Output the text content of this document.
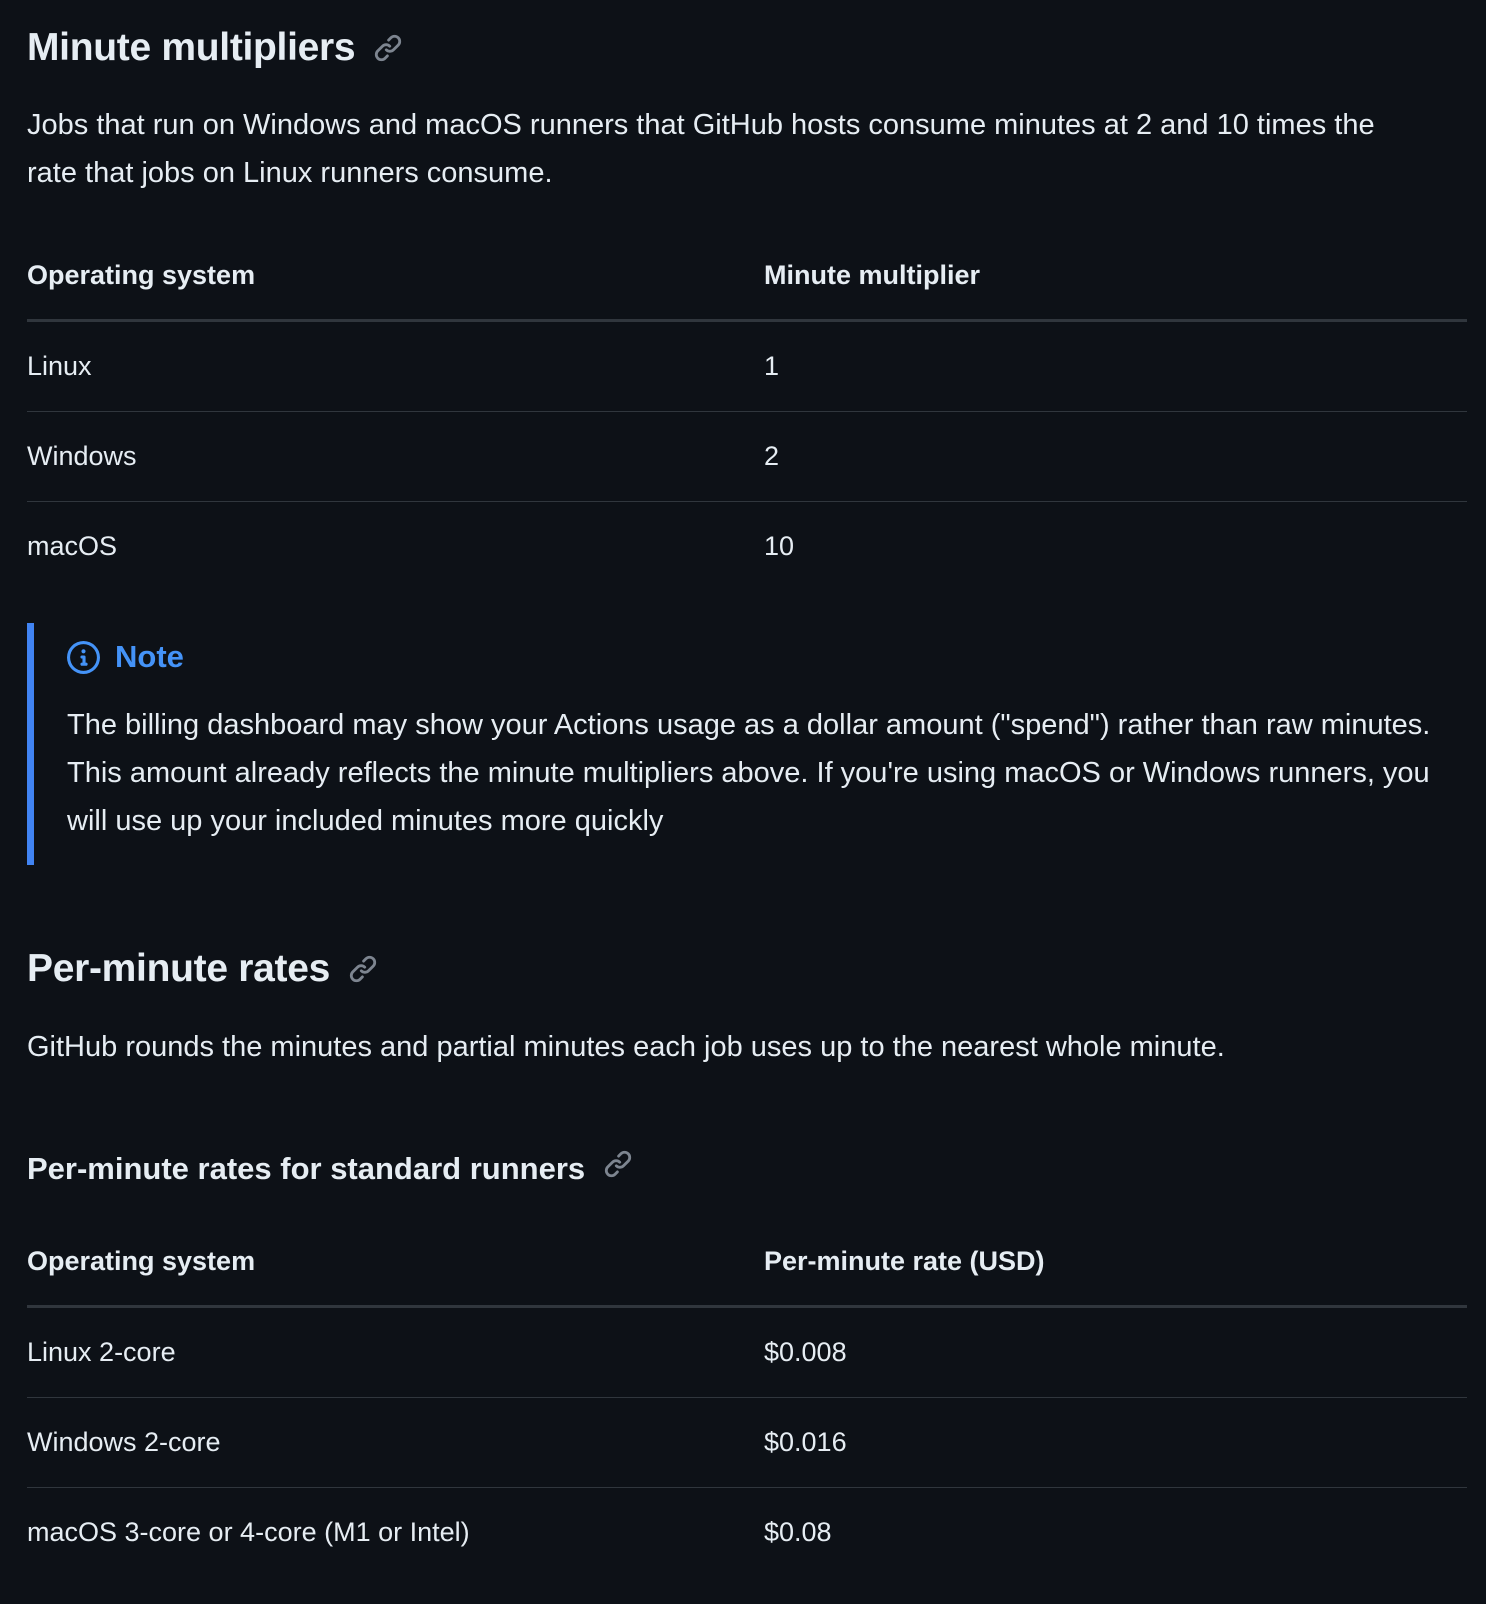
Minute multipliers

Jobs that run on Windows and macOS runners that GitHub hosts consume minutes at 2 and 10 times the rate that jobs on Linux runners consume.

Operating system	Minute multiplier
Linux	1
Windows	2
macOS	10
Note

The billing dashboard may show your Actions usage as a dollar amount ("spend") rather than raw minutes. This amount already reflects the minute multipliers above. If you're using macOS or Windows runners, you will use up your included minutes more quickly

Per-minute rates

GitHub rounds the minutes and partial minutes each job uses up to the nearest whole minute.

Per-minute rates for standard runners
Operating system	Per-minute rate (USD)
Linux 2-core	$0.008
Windows 2-core	$0.016
macOS 3-core or 4-core (M1 or Intel)	$0.08
